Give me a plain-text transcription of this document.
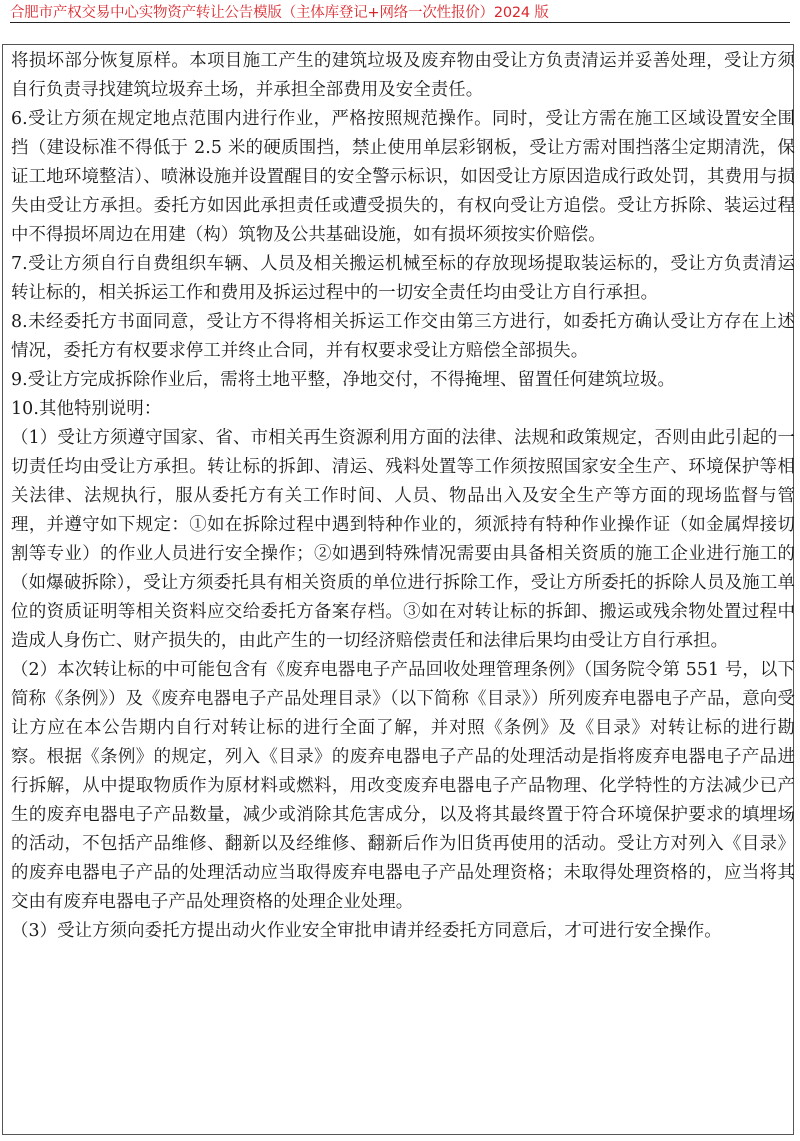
合肥市产权交易中心实物资产转让公告模版（主体库登记+网络一次性报价）2024 版

将损坏部分恢复原样。本项目施工产生的建筑垃圾及废弃物由受让方负责清运并妥善处理，受让方须自行负责寻找建筑垃圾弃土场，并承担全部费用及安全责任。

6.受让方须在规定地点范围内进行作业，严格按照规范操作。同时，受让方需在施工区域设置安全围挡（建设标准不得低于 2.5 米的硬质围挡，禁止使用单层彩钢板，受让方需对围挡落尘定期清洗，保证工地环境整洁）、喷淋设施并设置醒目的安全警示标识，如因受让方原因造成行政处罚，其费用与损失由受让方承担。委托方如因此承担责任或遭受损失的，有权向受让方追偿。受让方拆除、装运过程中不得损坏周边在用建（构）筑物及公共基础设施，如有损坏须按实价赔偿。

7.受让方须自行自费组织车辆、人员及相关搬运机械至标的存放现场提取装运标的，受让方负责清运转让标的，相关拆运工作和费用及拆运过程中的一切安全责任均由受让方自行承担。

8.未经委托方书面同意，受让方不得将相关拆运工作交由第三方进行，如委托方确认受让方存在上述情况，委托方有权要求停工并终止合同，并有权要求受让方赔偿全部损失。

9.受让方完成拆除作业后，需将土地平整，净地交付，不得掩埋、留置任何建筑垃圾。

10.其他特别说明：

（1）受让方须遵守国家、省、市相关再生资源利用方面的法律、法规和政策规定，否则由此引起的一切责任均由受让方承担。转让标的拆卸、清运、残料处置等工作须按照国家安全生产、环境保护等相关法律、法规执行，服从委托方有关工作时间、人员、物品出入及安全生产等方面的现场监督与管理，并遵守如下规定：①如在拆除过程中遇到特种作业的，须派持有特种作业操作证（如金属焊接切割等专业）的作业人员进行安全操作；②如遇到特殊情况需要由具备相关资质的施工企业进行施工的（如爆破拆除），受让方须委托具有相关资质的单位进行拆除工作，受让方所委托的拆除人员及施工单位的资质证明等相关资料应交给委托方备案存档。③如在对转让标的拆卸、搬运或残余物处置过程中造成人身伤亡、财产损失的，由此产生的一切经济赔偿责任和法律后果均由受让方自行承担。

（2）本次转让标的中可能包含有《废弃电器电子产品回收处理管理条例》（国务院令第 551 号，以下简称《条例》）及《废弃电器电子产品处理目录》（以下简称《目录》）所列废弃电器电子产品，意向受让方应在本公告期内自行对转让标的进行全面了解，并对照《条例》及《目录》对转让标的进行勘察。根据《条例》的规定，列入《目录》的废弃电器电子产品的处理活动是指将废弃电器电子产品进行拆解，从中提取物质作为原材料或燃料，用改变废弃电器电子产品物理、化学特性的方法减少已产生的废弃电器电子产品数量，减少或消除其危害成分，以及将其最终置于符合环境保护要求的填埋场的活动，不包括产品维修、翻新以及经维修、翻新后作为旧货再使用的活动。受让方对列入《目录》的废弃电器电子产品的处理活动应当取得废弃电器电子产品处理资格；未取得处理资格的，应当将其交由有废弃电器电子产品处理资格的处理企业处理。

（3）受让方须向委托方提出动火作业安全审批申请并经委托方同意后，才可进行安全操作。
